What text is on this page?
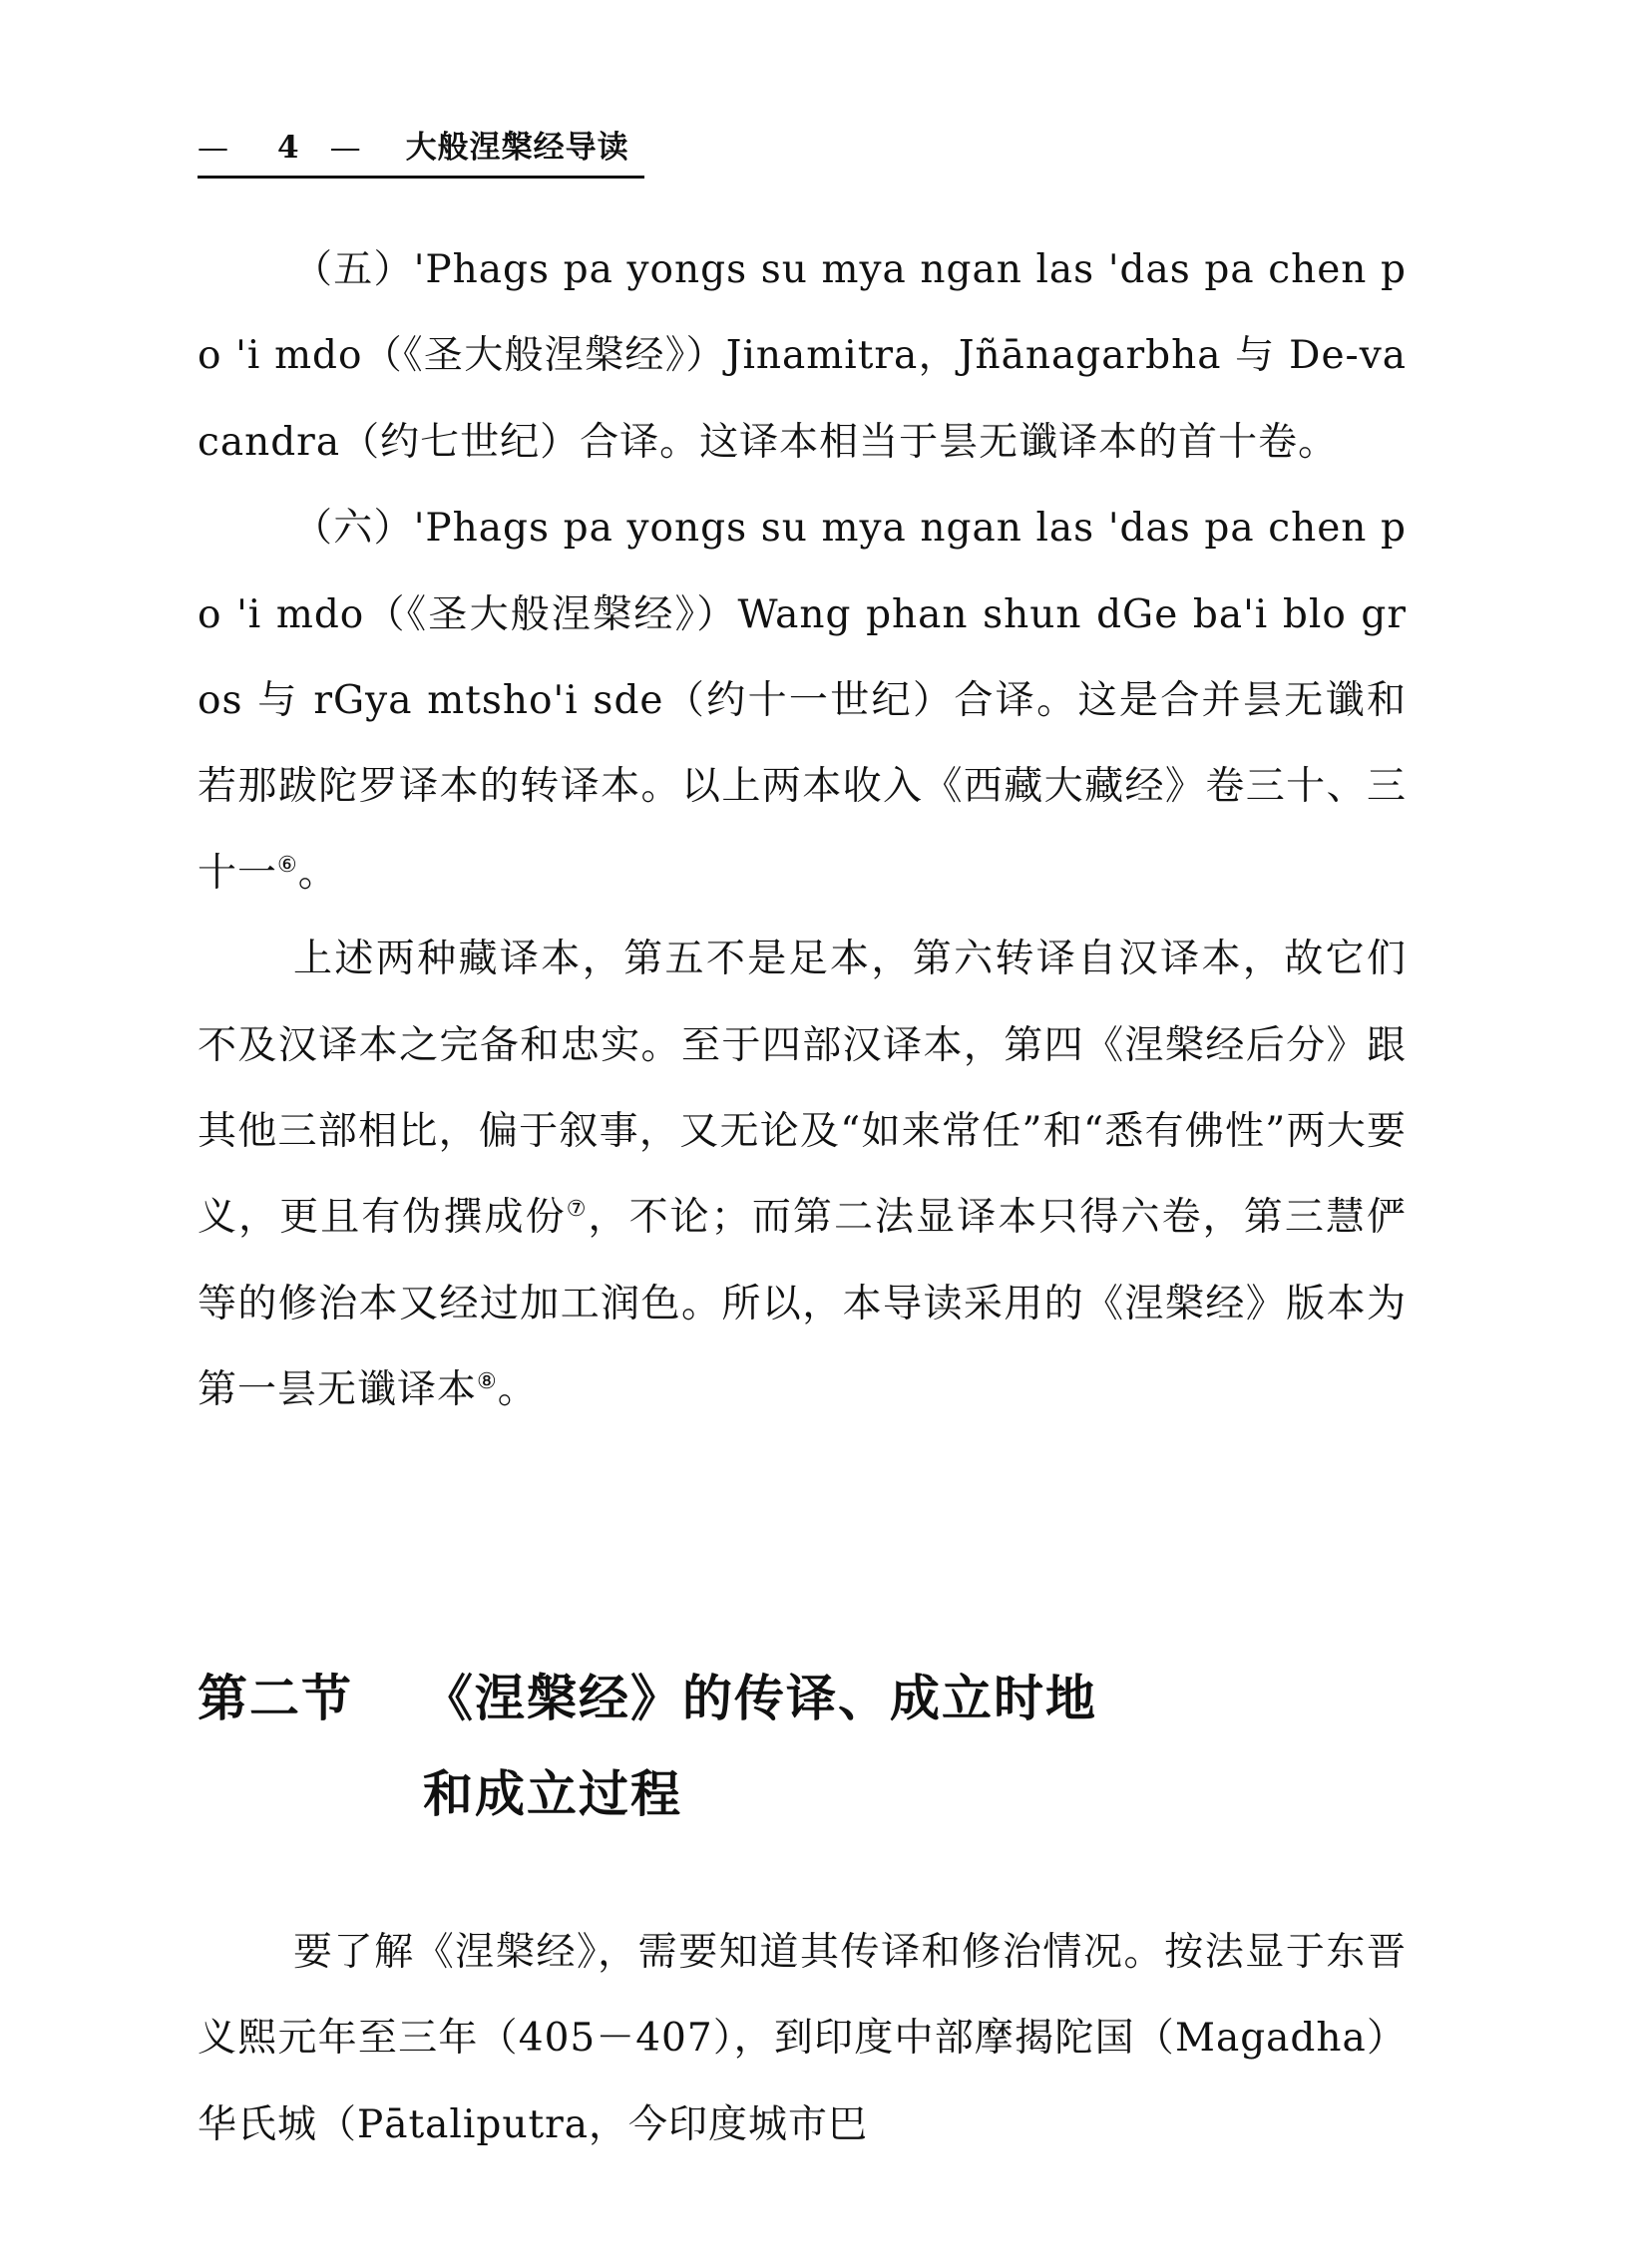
— 4 — 大般涅槃经导读

（五）'Phags pa yongs su mya ngan las 'das pa chen po 'i mdo（《圣大般涅槃经》）Jinamitra，Jñānagarbha 与 De-vacandra（约七世纪）合译。这译本相当于昙无谶译本的首十卷。

（六）'Phags pa yongs su mya ngan las 'das pa chen po 'i mdo（《圣大般涅槃经》）Wang phan shun dGe ba'i blo gros 与 rGya mtsho'i sde（约十一世纪）合译。这是合并昙无谶和若那跋陀罗译本的转译本。以上两本收入《西藏大藏经》卷三十、三十一⑥。

上述两种藏译本，第五不是足本，第六转译自汉译本，故它们不及汉译本之完备和忠实。至于四部汉译本，第四《涅槃经后分》跟其他三部相比，偏于叙事，又无论及“如来常任”和“悉有佛性”两大要义，更且有伪撰成份⑦，不论；而第二法显译本只得六卷，第三慧俨等的修治本又经过加工润色。所以，本导读采用的《涅槃经》版本为第一昙无谶译本⑧。

第二节 《涅槃经》的传译、成立时地
和成立过程

要了解《涅槃经》，需要知道其传译和修治情况。按法显于东晋义熙元年至三年（405－407），到印度中部摩揭陀国（Magadha）华氏城（Pātaliputra，今印度城市巴
